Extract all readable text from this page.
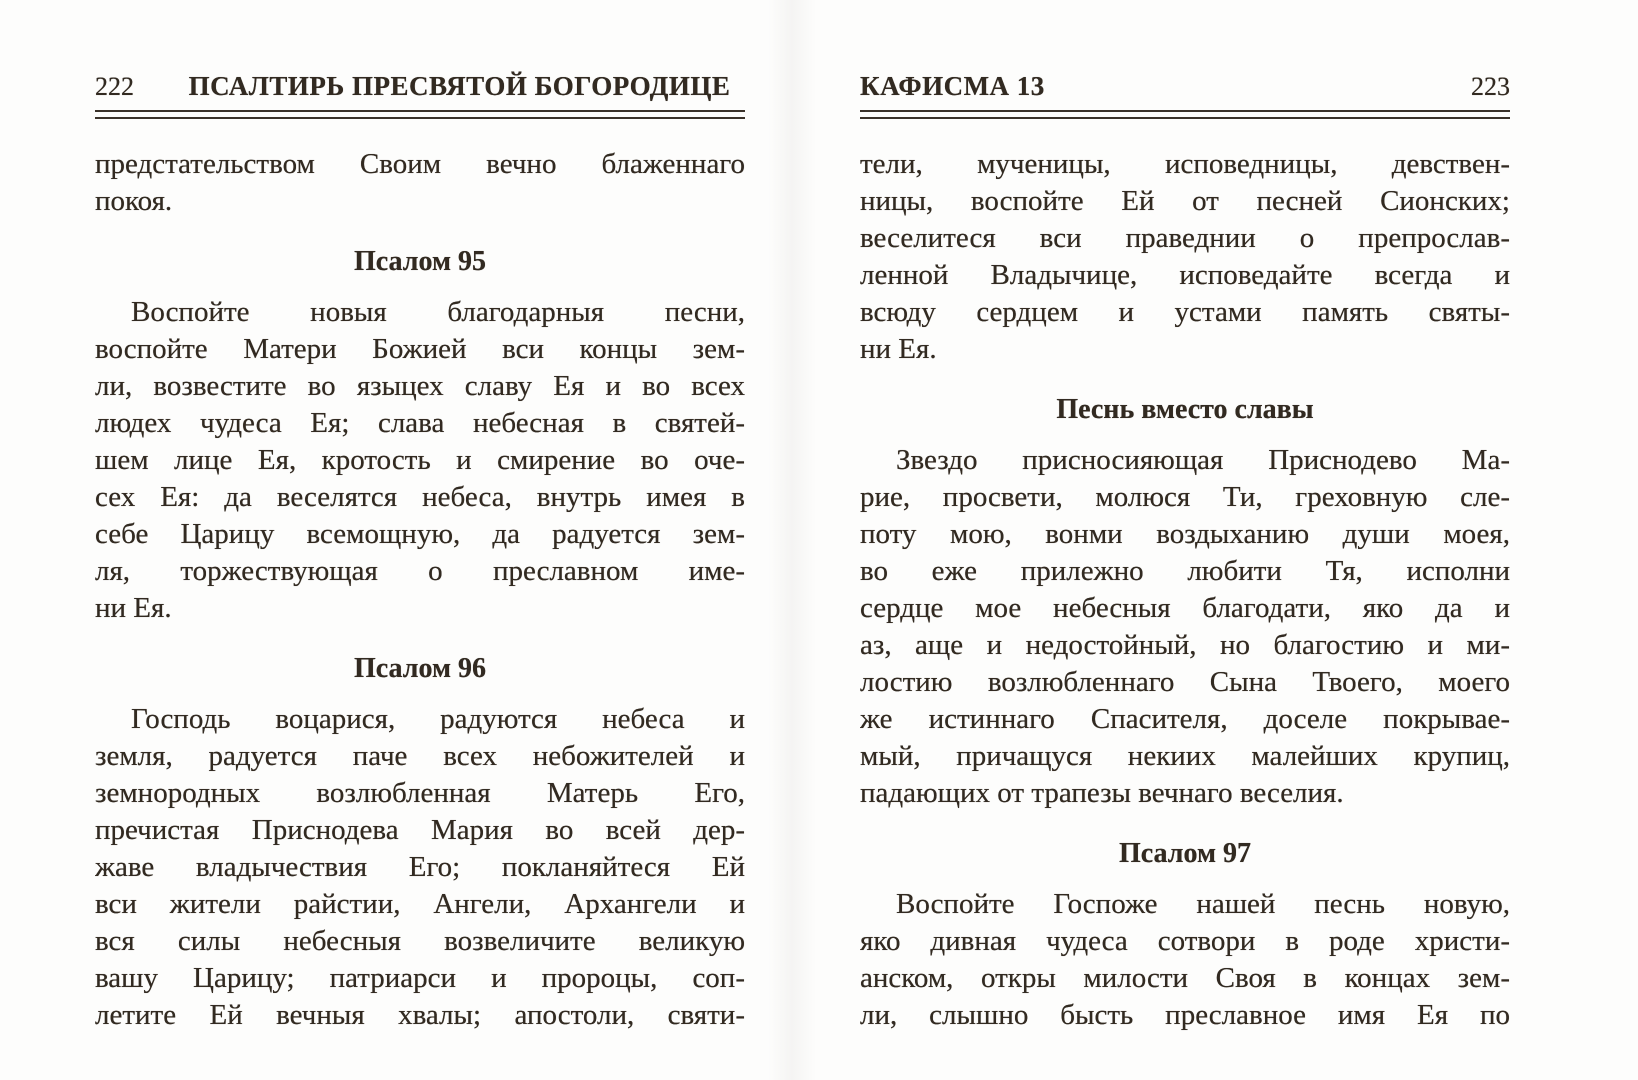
222	ПСАЛТИРЬ ПРЕСВЯТОЙ БОГОРОДИЦЕ
предстательством Своим вечно блаженнаго
покоя.
Псалом 95
Воспойте новыя благодарныя песни,
воспойте Матери Божией вси концы зем-
ли, возвестите во языцех славу Ея и во всех
людех чудеса Ея; слава небесная в святей-
шем лице Ея, кротость и смирение во оче-
сех Ея: да веселятся небеса, внутрь имея в
себе Царицу всемощную, да радуется зем-
ля, торжествующая о преславном име-
ни Ея.
Псалом 96
Господь воцарися, радуются небеса и
земля, радуется паче всех небожителей и
земнородных возлюбленная Матерь Его,
пречистая Приснодева Мария во всей дер-
жаве владычествия Его; покланяйтеся Ей
вси жители райстии, Ангели, Архангели и
вся силы небесныя возвеличите великую
вашу Царицу; патриарси и пророцы, соп-
летите Ей вечныя хвалы; апостоли, святи-
КАФИСМА 13	223
тели, мученицы, исповедницы, девствен-
ницы, воспойте Ей от песней Сионских;
веселитеся вси праведнии о препрослав-
ленной Владычице, исповедайте всегда и
всюду сердцем и устами память святы-
ни Ея.
Песнь вместо славы
Звездо присносияющая Приснодево Ма-
рие, просвети, молюся Ти, греховную сле-
поту мою, вонми воздыханию души моея,
во еже прилежно любити Тя, исполни
сердце мое небесныя благодати, яко да и
аз, аще и недостойный, но благостию и ми-
лостию возлюбленнаго Сына Твоего, моего
же истиннаго Спасителя, доселе покрывае-
мый, причащуся некиих малейших крупиц,
падающих от трапезы вечнаго веселия.
Псалом 97
Воспойте Госпоже нашей песнь новую,
яко дивная чудеса сотвори в роде христи-
анском, откры милости Своя в концах зем-
ли, слышно бысть преславное имя Ея по
